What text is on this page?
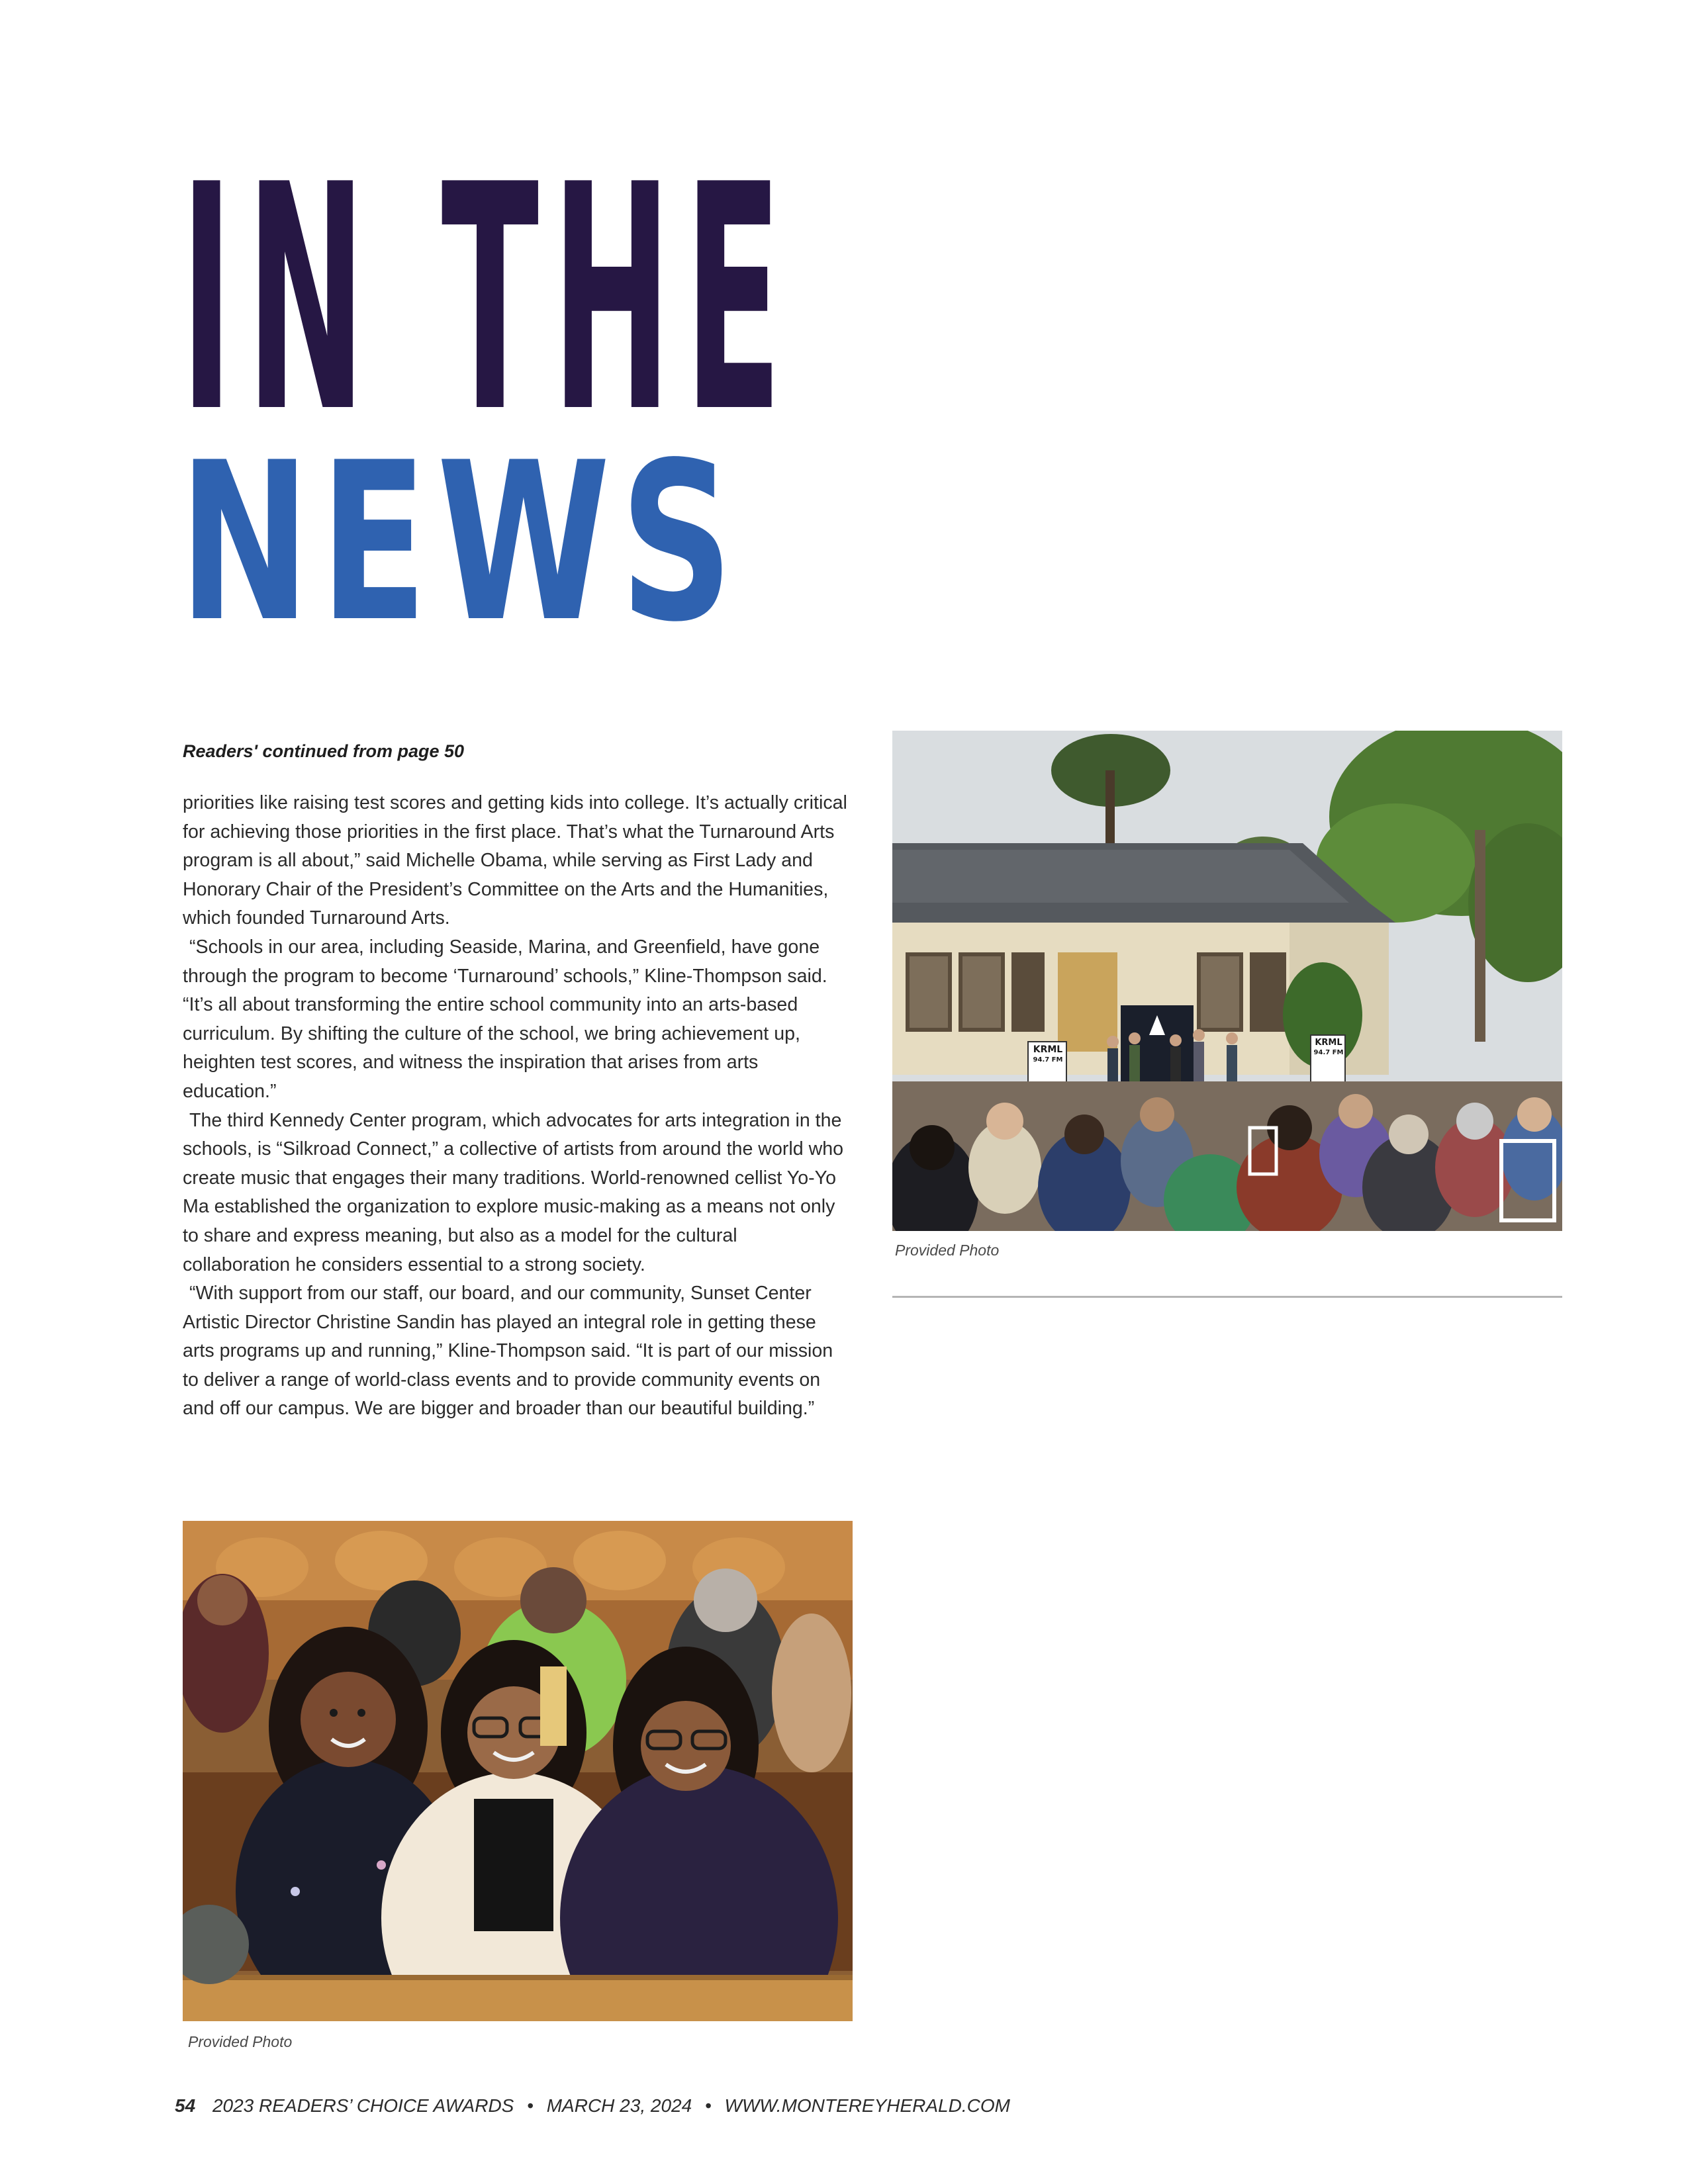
IN THE
NEWS
Readers' continued from page 50

priorities like raising test scores and getting kids into college. It’s actually critical for achieving those priorities in the first place. That’s what the Turnaround Arts program is all about,” said Michelle Obama, while serving as First Lady and Honorary Chair of the President’s Committee on the Arts and the Humanities, which founded Turnaround Arts.

“Schools in our area, including Seaside, Marina, and Greenfield, have gone through the program to become ‘Turnaround’ schools,” Kline-Thompson said. “It’s all about transforming the entire school community into an arts-based curriculum. By shifting the culture of the school, we bring achievement up, heighten test scores, and witness the inspiration that arises from arts education.”

The third Kennedy Center program, which advocates for arts integration in the schools, is “Silkroad Connect,” a collective of artists from around the world who create music that engages their many traditions. World-renowned cellist Yo-Yo Ma established the organization to explore music-making as a means not only to share and express meaning, but also as a model for the cultural collaboration he considers essential to a strong society.

“With support from our staff, our board, and our community, Sunset Center Artistic Director Christine Sandin has played an integral role in getting these arts programs up and running,” Kline-Thompson said. “It is part of our mission to deliver a range of world-class events and to provide community events on and off our campus. We are bigger and broader than our beautiful building.”

KRML
94.7 FM
KRML
94.7 FM
Provided Photo
Provided Photo
54 2023 READERS’ CHOICE AWARDS • MARCH 23, 2024 • WWW.MONTEREYHERALD.COM
